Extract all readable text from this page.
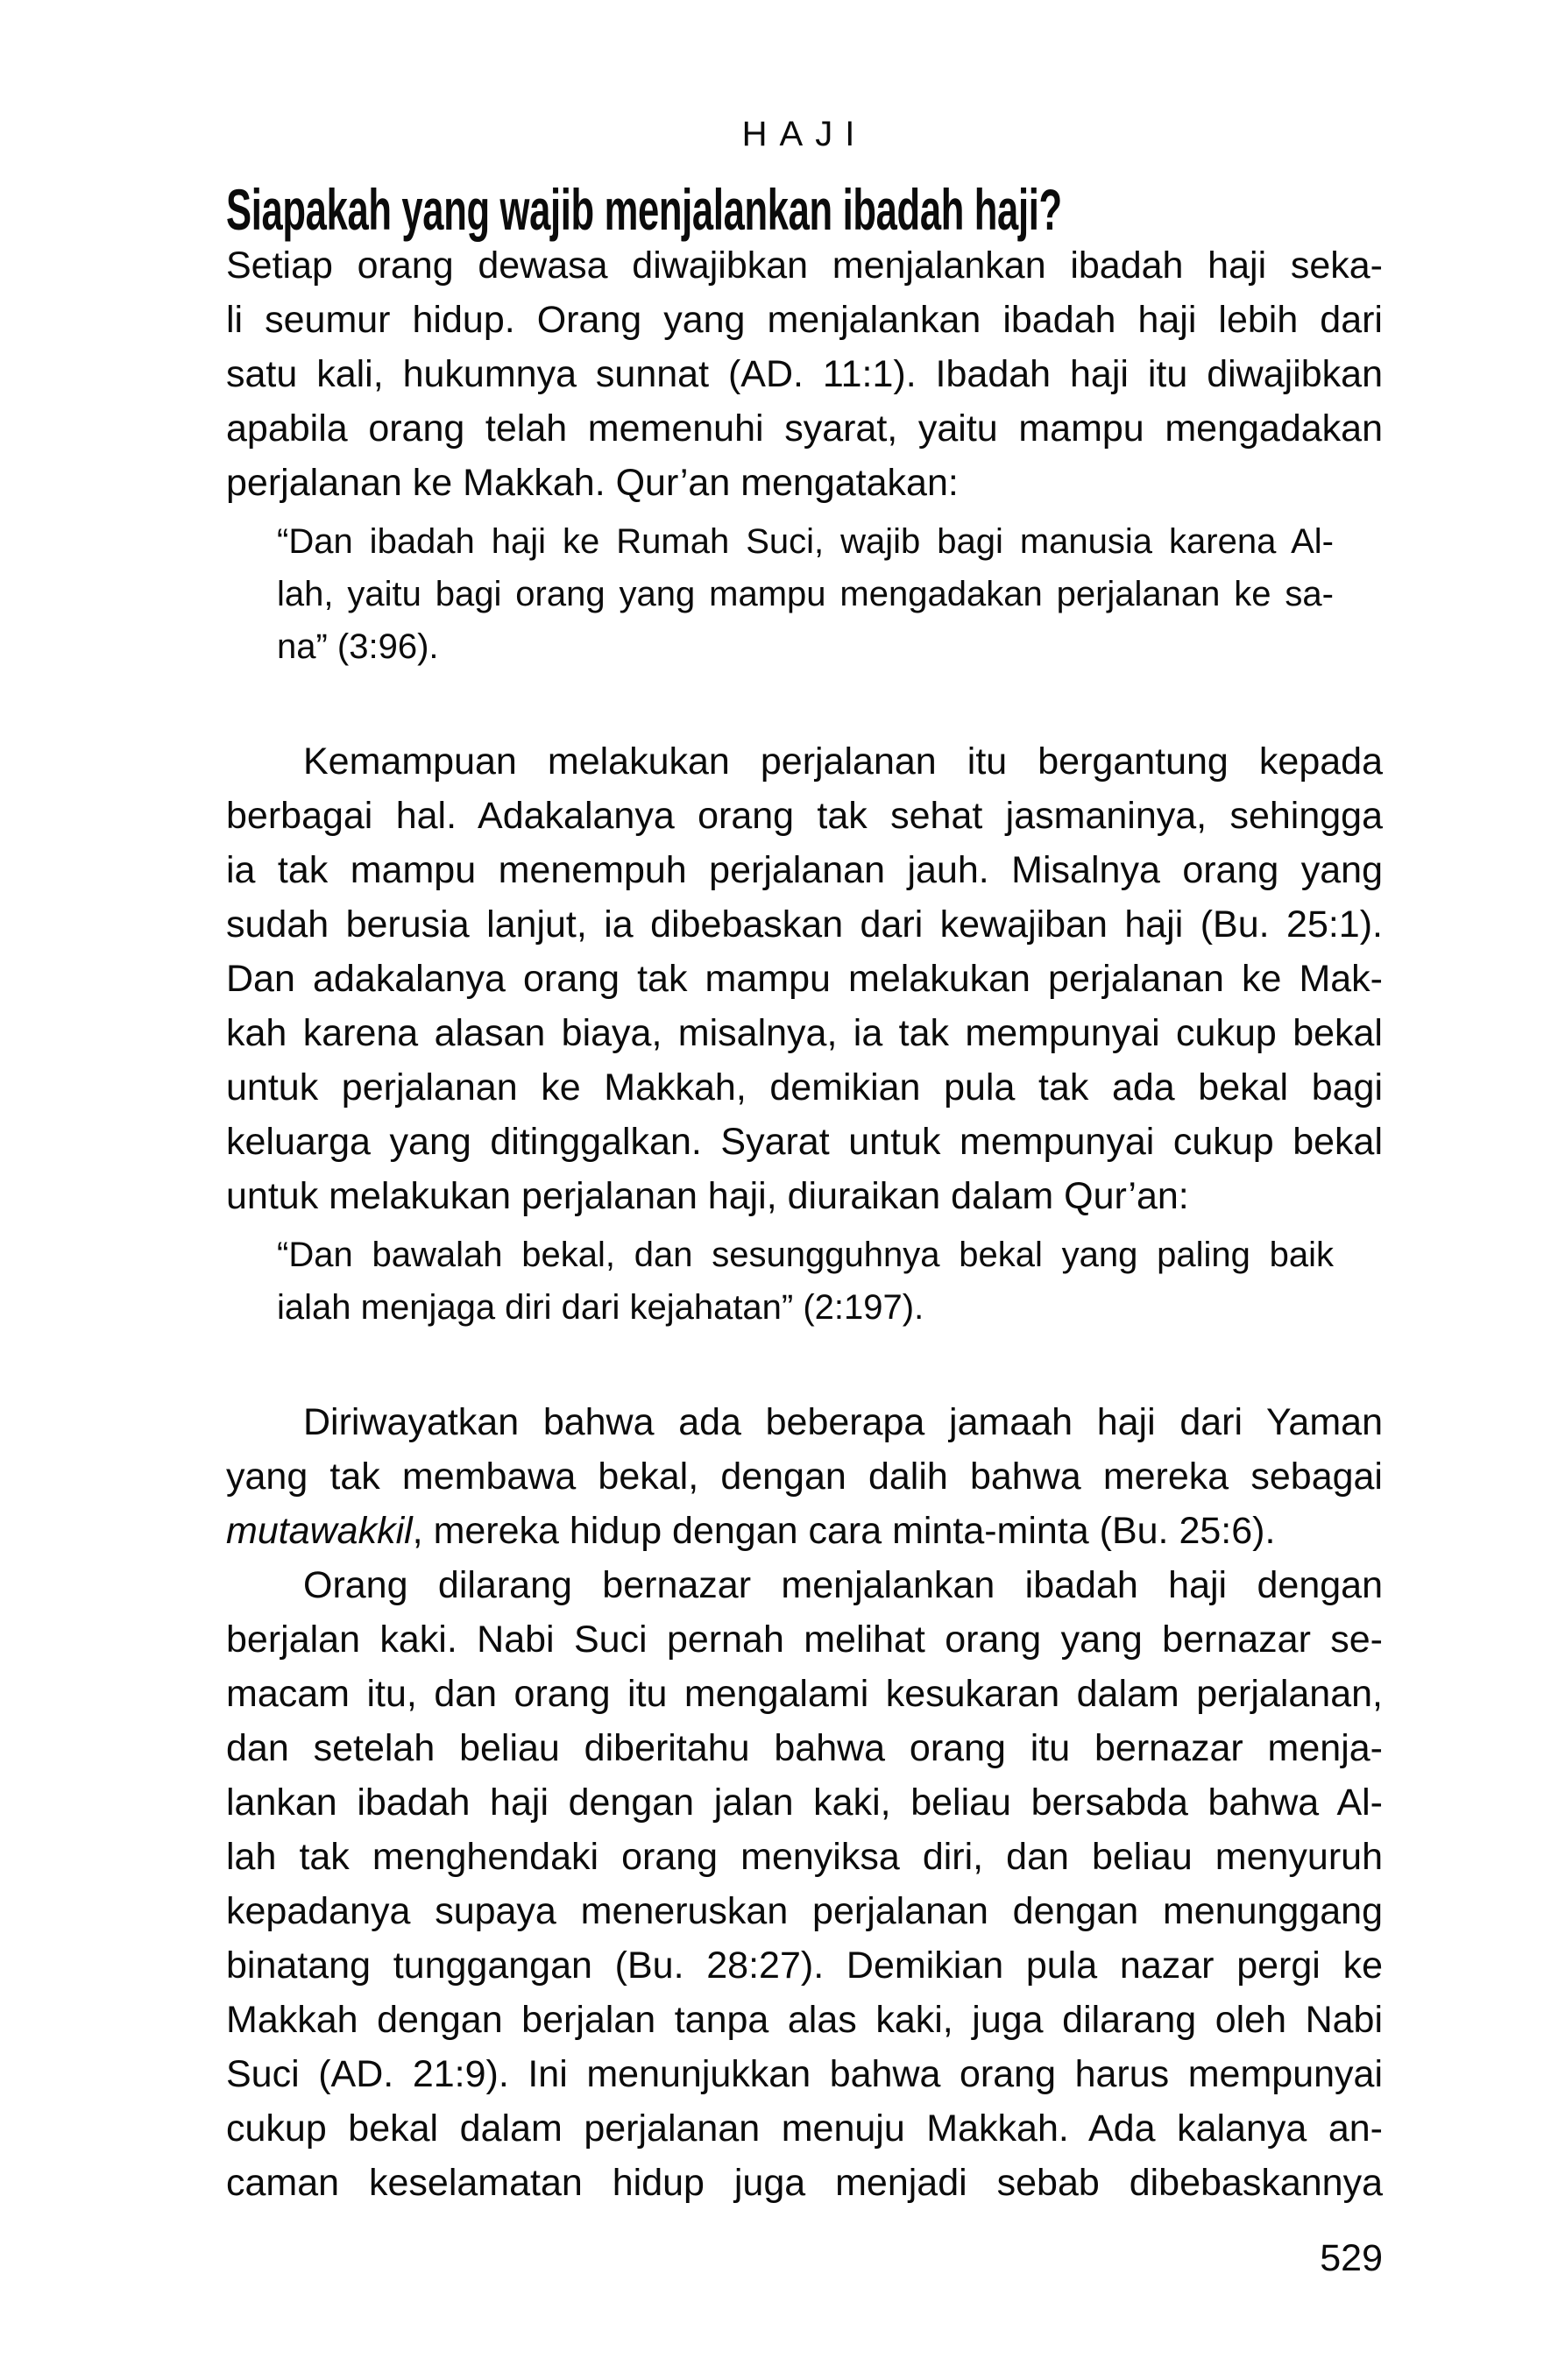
HAJI
Siapakah yang wajib menjalankan ibadah haji?
Setiap orang dewasa diwajibkan menjalankan ibadah haji seka-
li seumur hidup. Orang yang menjalankan ibadah haji lebih dari
satu kali, hukumnya sunnat (AD. 11:1). Ibadah haji itu diwajibkan
apabila orang telah memenuhi syarat, yaitu mampu mengadakan
perjalanan ke Makkah. Qur’an mengatakan:
“Dan ibadah haji ke Rumah Suci, wajib bagi manusia karena Al-
lah, yaitu bagi orang yang mampu mengadakan perjalanan ke sa-
na” (3:96).
Kemampuan melakukan perjalanan itu bergantung kepada
berbagai hal. Adakalanya orang tak sehat jasmaninya, sehingga
ia tak mampu menempuh perjalanan jauh. Misalnya orang yang
sudah berusia lanjut, ia dibebaskan dari kewajiban haji (Bu. 25:1).
Dan adakalanya orang tak mampu melakukan perjalanan ke Mak-
kah karena alasan biaya, misalnya, ia tak mempunyai cukup bekal
untuk perjalanan ke Makkah, demikian pula tak ada bekal bagi
keluarga yang ditinggalkan. Syarat untuk mempunyai cukup bekal
untuk melakukan perjalanan haji, diuraikan dalam Qur’an:
“Dan bawalah bekal, dan sesungguhnya bekal yang paling baik
ialah menjaga diri dari kejahatan” (2:197).
Diriwayatkan bahwa ada beberapa jamaah haji dari Yaman
yang tak membawa bekal, dengan dalih bahwa mereka sebagai
mutawakkil, mereka hidup dengan cara minta-minta (Bu. 25:6).
Orang dilarang bernazar menjalankan ibadah haji dengan
berjalan kaki. Nabi Suci pernah melihat orang yang bernazar se-
macam itu, dan orang itu mengalami kesukaran dalam perjalanan,
dan setelah beliau diberitahu bahwa orang itu bernazar menja-
lankan ibadah haji dengan jalan kaki, beliau bersabda bahwa Al-
lah tak menghendaki orang menyiksa diri, dan beliau menyuruh
kepadanya supaya meneruskan perjalanan dengan menunggang
binatang tunggangan (Bu. 28:27). Demikian pula nazar pergi ke
Makkah dengan berjalan tanpa alas kaki, juga dilarang oleh Nabi
Suci (AD. 21:9). Ini menunjukkan bahwa orang harus mempunyai
cukup bekal dalam perjalanan menuju Makkah. Ada kalanya an-
caman keselamatan hidup juga menjadi sebab dibebaskannya
529
